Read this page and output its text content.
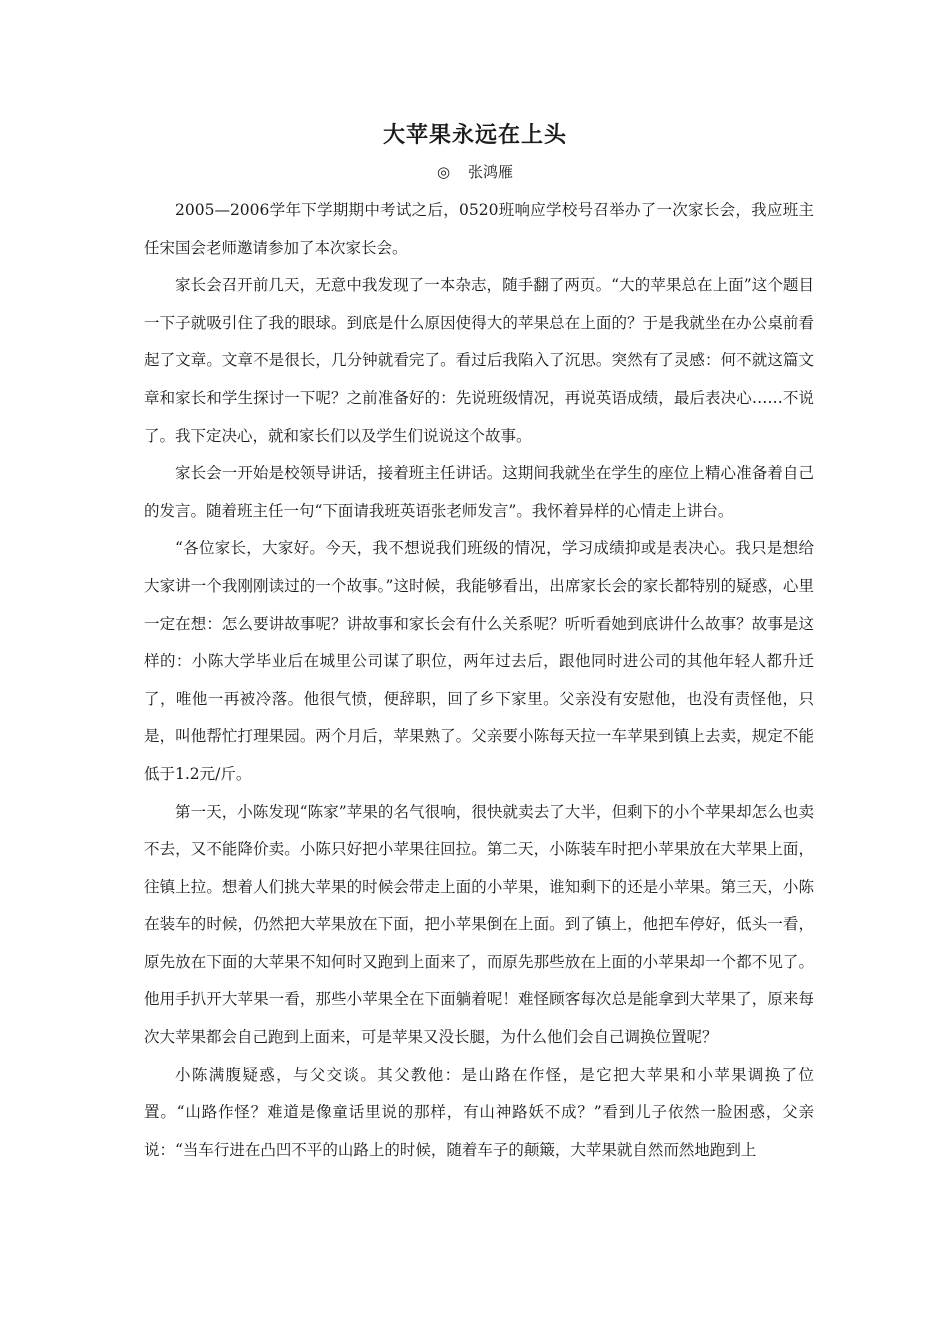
大苹果永远在上头
◎ 张鸿雁

2005—2006学年下学期期中考试之后，0520班响应学校号召举办了一次家长会，我应班主任宋国会老师邀请参加了本次家长会。

家长会召开前几天，无意中我发现了一本杂志，随手翻了两页。“大的苹果总在上面”这个题目一下子就吸引住了我的眼球。到底是什么原因使得大的苹果总在上面的？于是我就坐在办公桌前看起了文章。文章不是很长，几分钟就看完了。看过后我陷入了沉思。突然有了灵感：何不就这篇文章和家长和学生探讨一下呢？之前准备好的：先说班级情况，再说英语成绩，最后表决心……不说了。我下定决心，就和家长们以及学生们说说这个故事。

家长会一开始是校领导讲话，接着班主任讲话。这期间我就坐在学生的座位上精心准备着自己的发言。随着班主任一句“下面请我班英语张老师发言”。我怀着异样的心情走上讲台。

“各位家长，大家好。今天，我不想说我们班级的情况，学习成绩抑或是表决心。我只是想给大家讲一个我刚刚读过的一个故事。”这时候，我能够看出，出席家长会的家长都特别的疑惑，心里一定在想：怎么要讲故事呢？讲故事和家长会有什么关系呢？听听看她到底讲什么故事？故事是这样的：小陈大学毕业后在城里公司谋了职位，两年过去后，跟他同时进公司的其他年轻人都升迁了，唯他一再被冷落。他很气愤，便辞职，回了乡下家里。父亲没有安慰他，也没有责怪他，只是，叫他帮忙打理果园。两个月后，苹果熟了。父亲要小陈每天拉一车苹果到镇上去卖，规定不能低于1.2元/斤。

第一天，小陈发现“陈家”苹果的名气很响，很快就卖去了大半，但剩下的小个苹果却怎么也卖不去，又不能降价卖。小陈只好把小苹果往回拉。第二天，小陈装车时把小苹果放在大苹果上面，往镇上拉。想着人们挑大苹果的时候会带走上面的小苹果，谁知剩下的还是小苹果。第三天，小陈在装车的时候，仍然把大苹果放在下面，把小苹果倒在上面。到了镇上，他把车停好，低头一看，原先放在下面的大苹果不知何时又跑到上面来了，而原先那些放在上面的小苹果却一个都不见了。他用手扒开大苹果一看，那些小苹果全在下面躺着呢！难怪顾客每次总是能拿到大苹果了，原来每次大苹果都会自己跑到上面来，可是苹果又没长腿，为什么他们会自己调换位置呢？

小陈满腹疑惑，与父交谈。其父教他：是山路在作怪，是它把大苹果和小苹果调换了位置。“山路作怪？难道是像童话里说的那样，有山神路妖不成？”看到儿子依然一脸困惑，父亲说：“当车行进在凸凹不平的山路上的时候，随着车子的颠簸，大苹果就自然而然地跑到上
